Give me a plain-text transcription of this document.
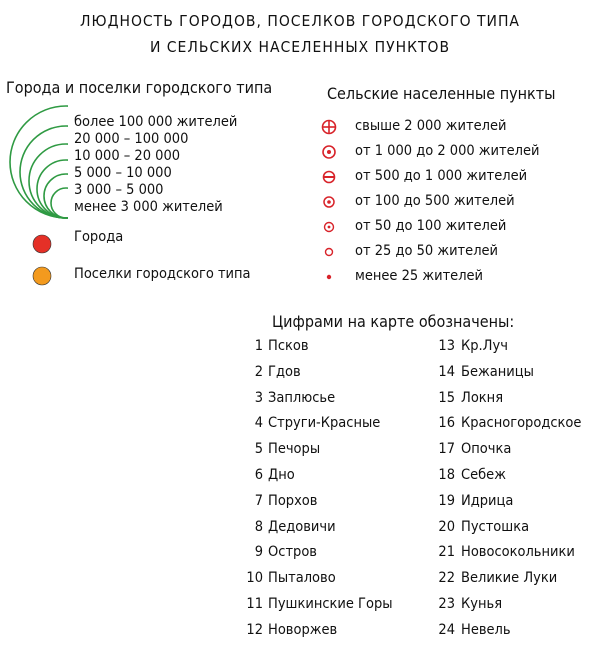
ЛЮДНОСТЬ ГОРОДОВ, ПОСЕЛКОВ ГОРОДСКОГО ТИПА
И СЕЛЬСКИХ НАСЕЛЕННЫХ ПУНКТОВ
Города и поселки городского типа
более 100 000 жителей
20 000 – 100 000
10 000 – 20 000
5 000 – 10 000
3 000 – 5 000
менее 3 000 жителей
Города
Поселки городского типа
Сельские населенные пункты
свыше 2 000 жителей
от 1 000 до 2 000 жителей
от 500 до 1 000 жителей
от 100 до 500 жителей
от 50 до 100 жителей
от 25 до 50 жителей
менее 25 жителей
Цифрами на карте обозначены:
1 Псков
2 Гдов
3 Заплюсье
4 Струги-Красные
5 Печоры
6 Дно
7 Порхов
8 Дедовичи
9 Остров
10 Пыталово
11 Пушкинские Горы
12 Новоржев
13 Кр.Луч
14 Бежаницы
15 Локня
16 Красногородское
17 Опочка
18 Себеж
19 Идрица
20 Пустошка
21 Новосокольники
22 Великие Луки
23 Кунья
24 Невель
